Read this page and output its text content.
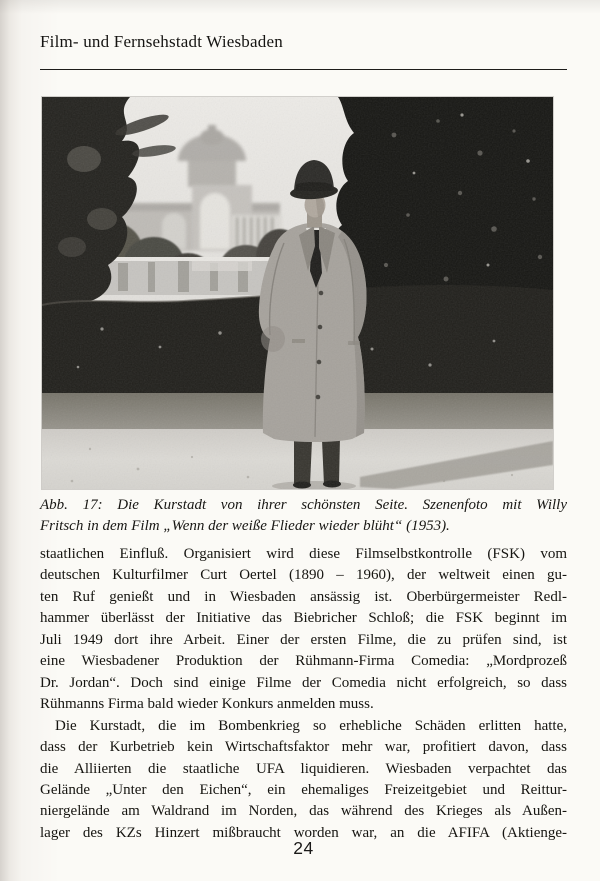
Film- und Fernsehstadt Wiesbaden
Abb. 17: Die Kurstadt von ihrer schönsten Seite. Szenenfoto mit Willy
Fritsch in dem Film „Wenn der weiße Flieder wieder blüht“ (1953).
staatlichen Einfluß. Organisiert wird diese Filmselbstkontrolle (FSK) vom
deutschen Kulturfilmer Curt Oertel (1890 – 1960), der weltweit einen gu-
ten Ruf genießt und in Wiesbaden ansässig ist. Oberbürgermeister Redl-
hammer überlässt der Initiative das Biebricher Schloß; die FSK beginnt im
Juli 1949 dort ihre Arbeit. Einer der ersten Filme, die zu prüfen sind, ist
eine Wiesbadener Produktion der Rühmann-Firma Comedia: „Mordprozeß
Dr. Jordan“. Doch sind einige Filme der Comedia nicht erfolgreich, so dass
Rühmanns Firma bald wieder Konkurs anmelden muss.
Die Kurstadt, die im Bombenkrieg so erhebliche Schäden erlitten hatte,
dass der Kurbetrieb kein Wirtschaftsfaktor mehr war, profitiert davon, dass
die Alliierten die staatliche UFA liquidieren. Wiesbaden verpachtet das
Gelände „Unter den Eichen“, ein ehemaliges Freizeitgebiet und Reittur-
niergelände am Waldrand im Norden, das während des Krieges als Außen-
lager des KZs Hinzert mißbraucht worden war, an die AFIFA (Aktienge-
24
